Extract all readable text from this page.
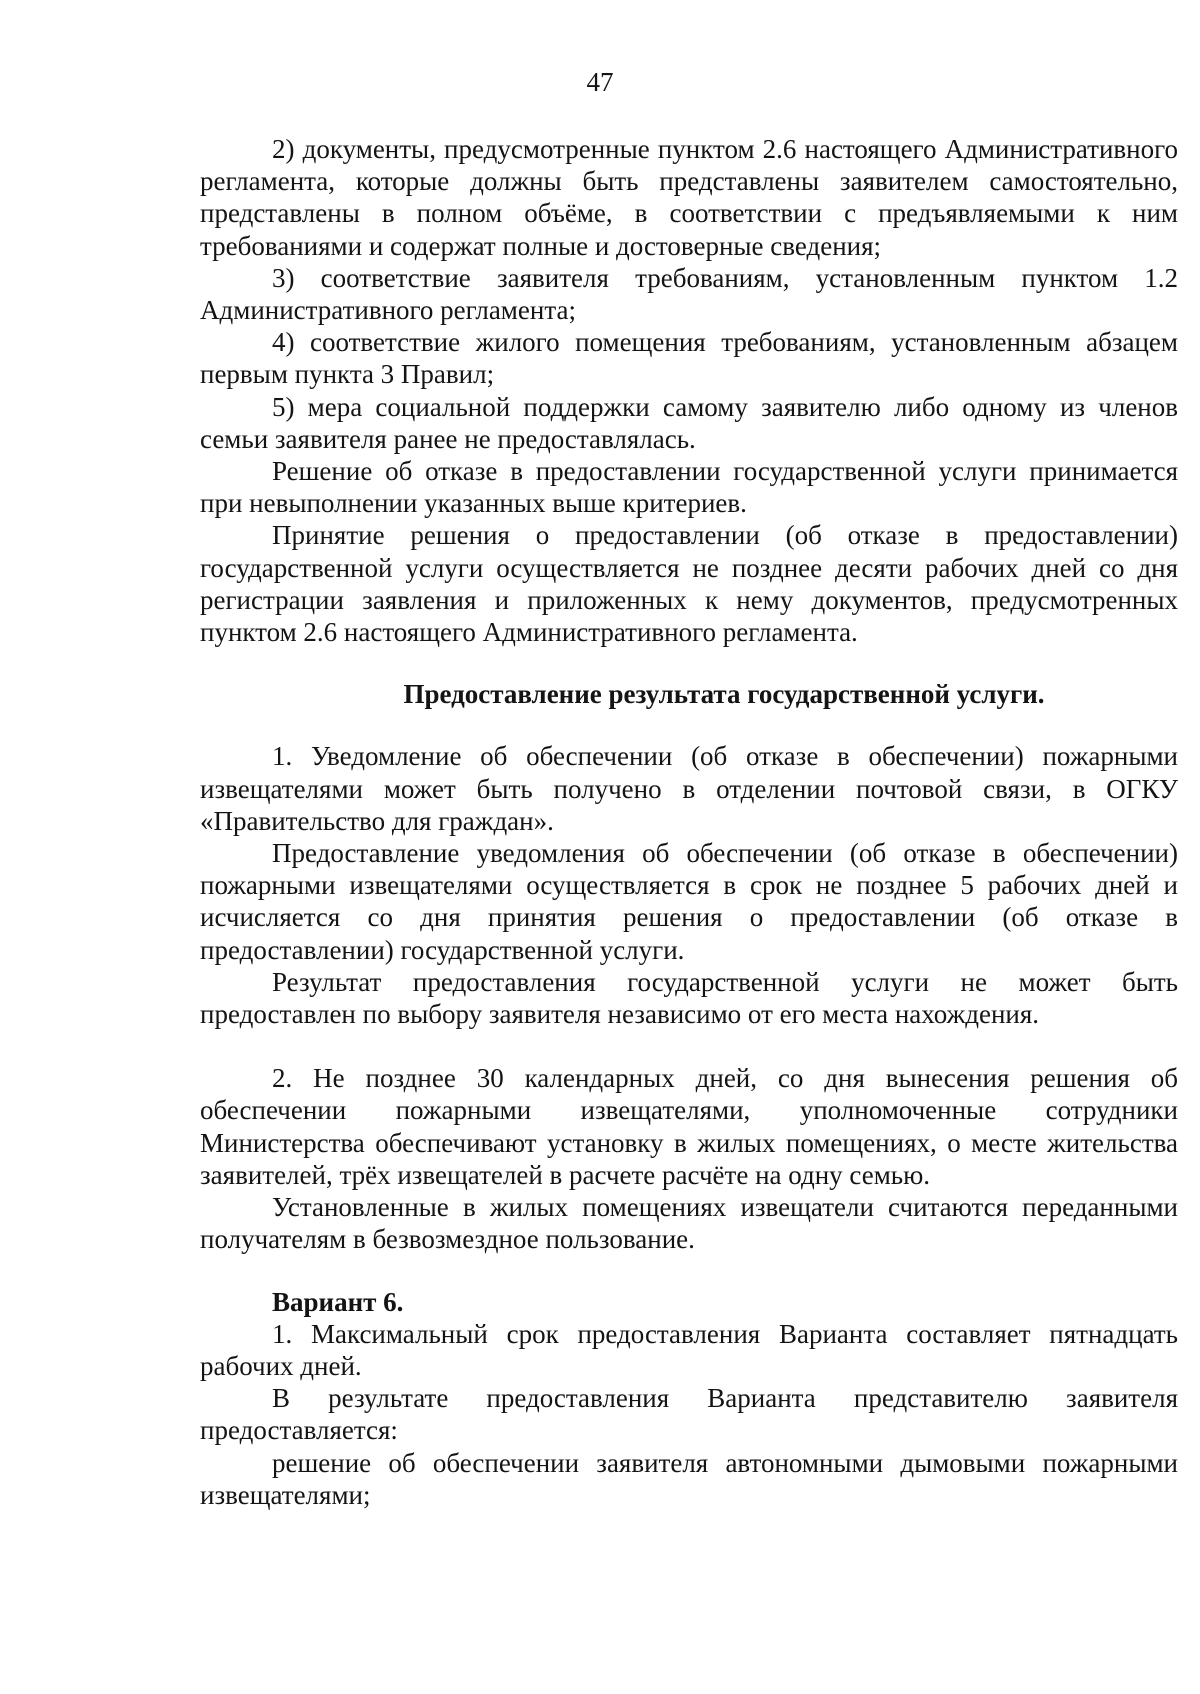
47

2) документы, предусмотренные пунктом 2.6 настоящего Административного регламента, которые должны быть представлены заявителем самостоятельно, представлены в полном объёме, в соответствии с предъявляемыми к ним требованиями и содержат полные и достоверные сведения;

3) соответствие заявителя требованиям, установленным пунктом 1.2 Административного регламента;

4) соответствие жилого помещения требованиям, установленным абзацем первым пункта 3 Правил;

5) мера социальной поддержки самому заявителю либо одному из членов семьи заявителя ранее не предоставлялась.

Решение об отказе в предоставлении государственной услуги принимается при невыполнении указанных выше критериев.

Принятие решения о предоставлении (об отказе в предоставлении) государственной услуги осуществляется не позднее десяти рабочих дней со дня регистрации заявления и приложенных к нему документов, предусмотренных пунктом 2.6 настоящего Административного регламента.

Предоставление результата государственной услуги.

1. Уведомление об обеспечении (об отказе в обеспечении) пожарными извещателями может быть получено в отделении почтовой связи, в ОГКУ «Правительство для граждан».

Предоставление уведомления об обеспечении (об отказе в обеспечении) пожарными извещателями осуществляется в срок не позднее 5 рабочих дней и исчисляется со дня принятия решения о предоставлении (об отказе в предоставлении) государственной услуги.

Результат предоставления государственной услуги не может быть предоставлен по выбору заявителя независимо от его места нахождения.

2. Не позднее 30 календарных дней, со дня вынесения решения об обеспечении пожарными извещателями, уполномоченные сотрудники Министерства обеспечивают установку в жилых помещениях, о месте жительства заявителей, трёх извещателей в расчете расчёте на одну семью.

Установленные в жилых помещениях извещатели считаются переданными получателям в безвозмездное пользование.

Вариант 6.

1. Максимальный срок предоставления Варианта составляет пятнадцать рабочих дней.

В результате предоставления Варианта представителю заявителя предоставляется:

решение об обеспечении заявителя автономными дымовыми пожарными извещателями;
